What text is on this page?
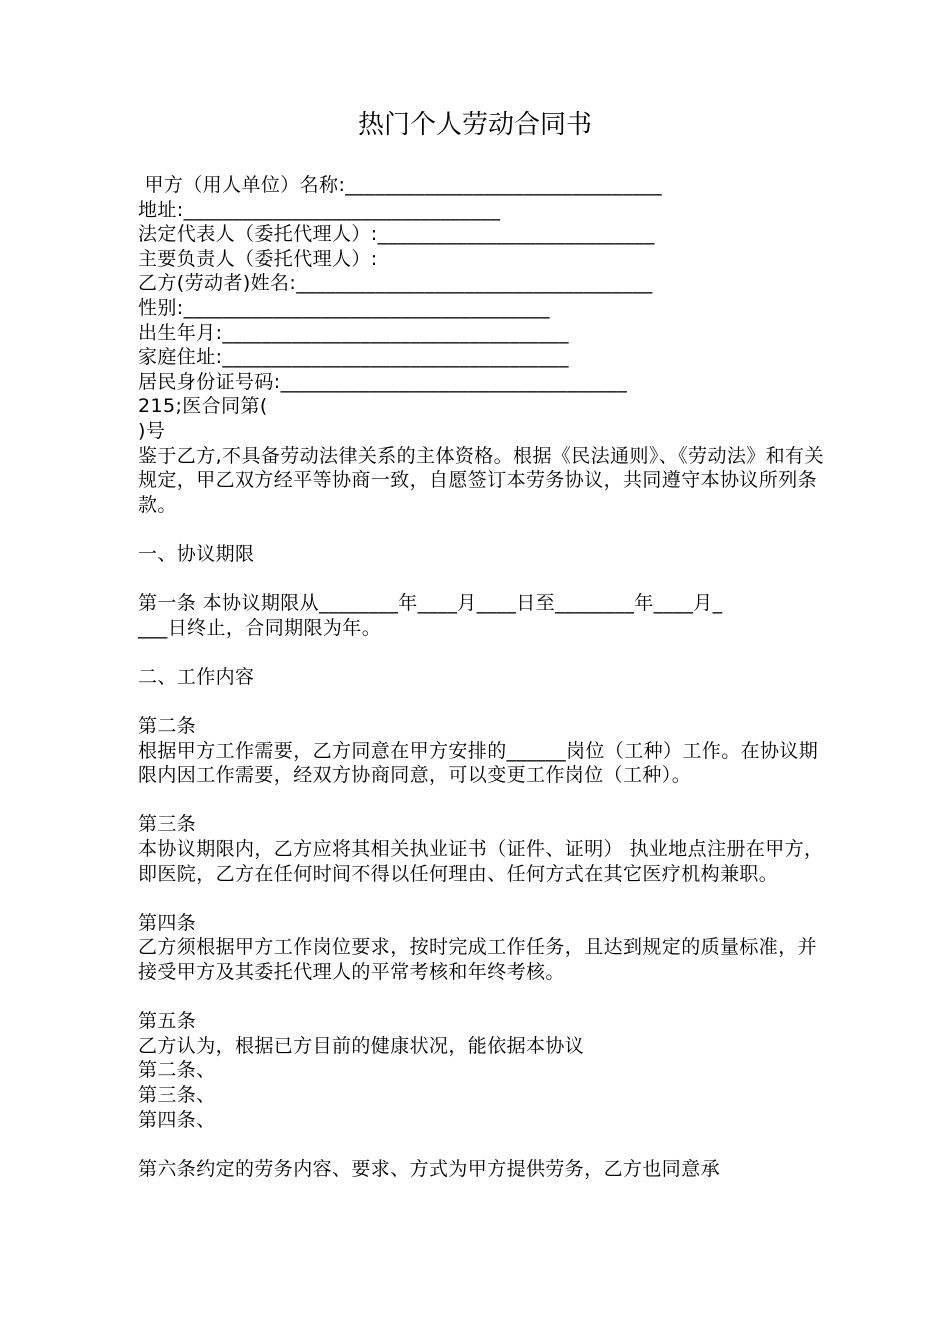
热门个人劳动合同书
甲方（用人单位）名称:________________________________
地址:________________________________
法定代表人（委托代理人）:____________________________
主要负责人（委托代理人）:
乙方(劳动者)姓名:____________________________________
性别:_____________________________________
出生年月:___________________________________
家庭住址:___________________________________
居民身份证号码:___________________________________
215;医合同第(
)号

鉴于乙方,不具备劳动法律关系的主体资格。根据《民法通则》、《劳动法》和有关规定，甲乙双方经平等协商一致，自愿签订本劳务协议，共同遵守本协议所列条款。

一、协议期限
第一条 本协议期限从________年____月____日至________年____月_
___日终止，合同期限为年。
二、工作内容
第二条

根据甲方工作需要，乙方同意在甲方安排的______岗位（工种）工作。在协议期限内因工作需要，经双方协商同意，可以变更工作岗位（工种）。

第三条

本协议期限内，乙方应将其相关执业证书（证件、证明） 执业地点注册在甲方，即医院，乙方在任何时间不得以任何理由、任何方式在其它医疗机构兼职。

第四条

乙方须根据甲方工作岗位要求，按时完成工作任务，且达到规定的质量标准，并接受甲方及其委托代理人的平常考核和年终考核。

第五条
乙方认为，根据已方目前的健康状况，能依据本协议
第二条、
第三条、
第四条、
第六条约定的劳务内容、要求、方式为甲方提供劳务，乙方也同意承
